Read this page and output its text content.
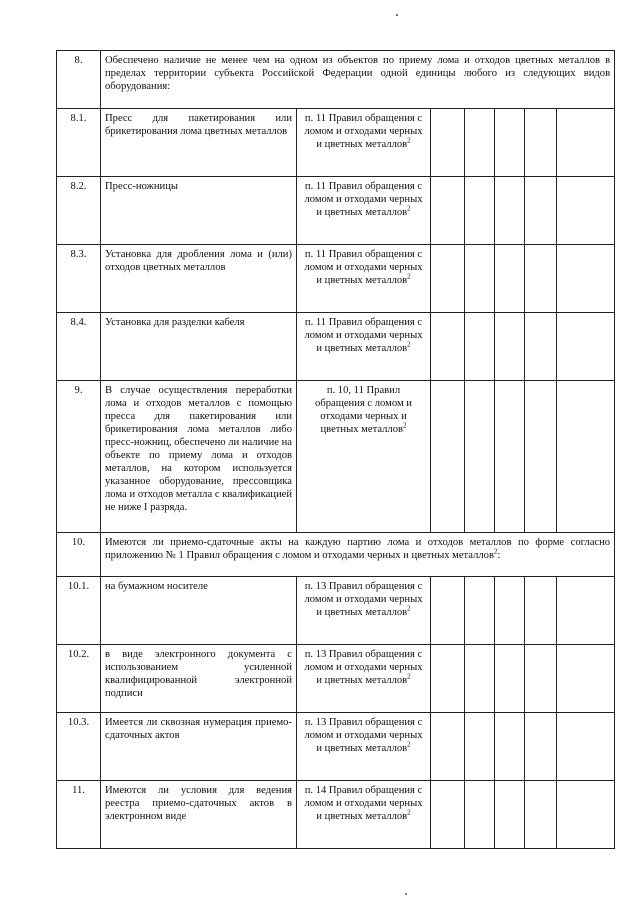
8.	Обеспечено наличие не менее чем на одном из объектов по приему лома и отходов цветных металлов в пределах территории субъекта Российской Федерации одной единицы любого из следующих видов оборудования:						
8.1.	Пресс для пакетирования или брикетирования лома цветных металлов	п. 11 Правил обращения с ломом и отходами черных и цветных металлов$^2$					
8.2.	Пресс-ножницы	п. 11 Правил обращения с ломом и отходами черных и цветных металлов$^2$					
8.3.	Установка для дробления лома и (или) отходов цветных металлов	п. 11 Правил обращения с ломом и отходами черных и цветных металлов$^2$					
8.4.	Установка для разделки кабеля	п. 11 Правил обращения с ломом и отходами черных и цветных металлов$^2$					
9.	В случае осуществления переработки лома и отходов металлов с помощью пресса для пакетирования или брикетирования лома металлов либо пресс-ножниц, обеспечено ли наличие на объекте по приему лома и отходов металлов, на котором используется указанное оборудование, прессовщика лома и отходов металла с квалификацией не ниже I разряда.	п. 10, 11 Правил обращения с ломом и отходами черных и цветных металлов$^2$					
10.	Имеются ли приемо-сдаточные акты на каждую партию лома и отходов металлов по форме согласно приложению № 1 Правил обращения с ломом и отходами черных и цветных металлов$^2$:						
10.1.	на бумажном носителе	п. 13 Правил обращения с ломом и отходами черных и цветных металлов$^2$					
10.2.	в виде электронного документа с использованием усиленной квалифицированной электронной подписи	п. 13 Правил обращения с ломом и отходами черных и цветных металлов$^2$					
10.3.	Имеется ли сквозная нумерация приемо-сдаточных актов	п. 13 Правил обращения с ломом и отходами черных и цветных металлов$^2$					
11.	Имеются ли условия для ведения реестра приемо-сдаточных актов в электронном виде	п. 14 Правил обращения с ломом и отходами черных и цветных металлов$^2$					
